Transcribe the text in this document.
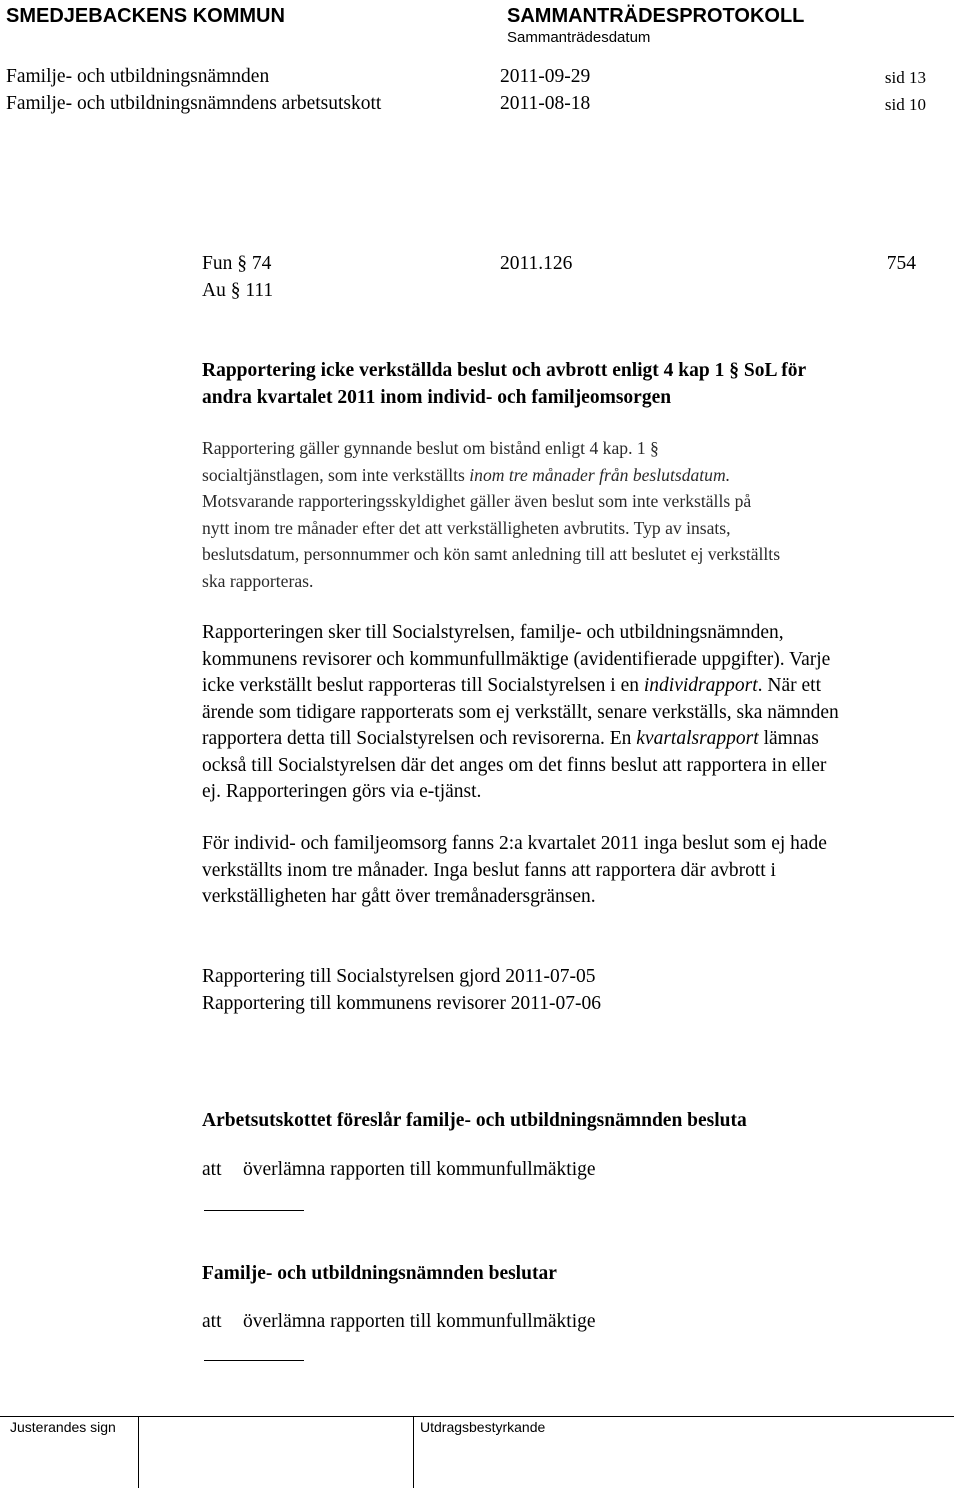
SMEDJEBACKENS KOMMUN	SAMMANTRÄDESPROTOKOLL
Sammanträdesdatum
Familje- och utbildningsnämnden	2011-09-29	sid 13
Familje- och utbildningsnämndens arbetsutskott	2011-08-18	sid 10
Fun § 74	2011.126	754
Au § 111
Rapportering icke verkställda beslut och avbrott enligt 4 kap 1 § SoL för
andra kvartalet 2011 inom individ- och familjeomsorgen
Rapportering gäller gynnande beslut om bistånd enligt 4 kap. 1 §
socialtjänstlagen, som inte verkställts inom tre månader från beslutsdatum.
Motsvarande rapporteringsskyldighet gäller även beslut som inte verkställs på
nytt inom tre månader efter det att verkställigheten avbrutits. Typ av insats,
beslutsdatum, personnummer och kön samt anledning till att beslutet ej verkställts
ska rapporteras.
Rapporteringen sker till Socialstyrelsen, familje- och utbildningsnämnden,
kommunens revisorer och kommunfullmäktige (avidentifierade uppgifter). Varje
icke verkställt beslut rapporteras till Socialstyrelsen i en individrapport. När ett
ärende som tidigare rapporterats som ej verkställt, senare verkställs, ska nämnden
rapportera detta till Socialstyrelsen och revisorerna. En kvartalsrapport lämnas
också till Socialstyrelsen där det anges om det finns beslut att rapportera in eller
ej. Rapporteringen görs via e-tjänst.
För individ- och familjeomsorg fanns 2:a kvartalet 2011 inga beslut som ej hade
verkställts inom tre månader. Inga beslut fanns att rapportera där avbrott i
verkställigheten har gått över tremånadersgränsen.
Rapportering till Socialstyrelsen gjord 2011-07-05
Rapportering till kommunens revisorer 2011-07-06
Arbetsutskottet föreslår familje- och utbildningsnämnden besluta
att överlämna rapporten till kommunfullmäktige
Familje- och utbildningsnämnden beslutar
att överlämna rapporten till kommunfullmäktige
Justerandes sign	Utdragsbestyrkande
